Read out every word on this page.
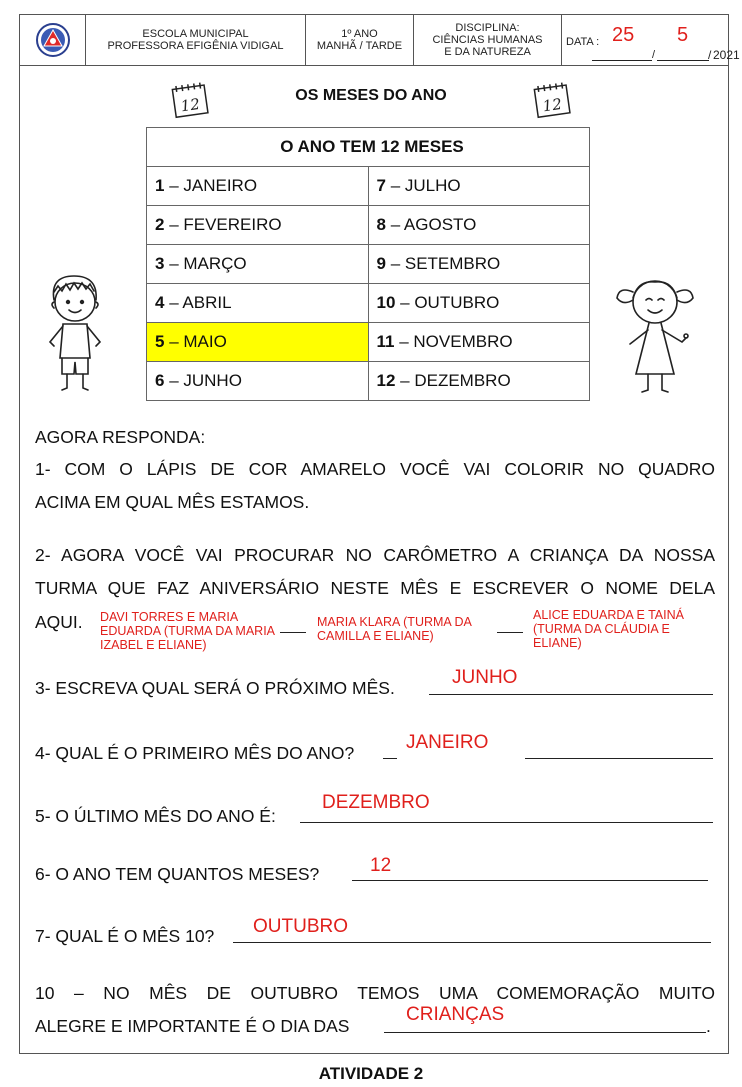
ESCOLA MUNICIPAL
PROFESSORA EFIGÊNIA VIDIGAL
1º ANO
MANHÃ / TARDE
DISCIPLINA:
CIÊNCIAS HUMANAS
E DA NATUREZA
DATA : 25 5
/	/ 2021
12	12
OS MESES DO ANO
O ANO TEM 12 MESES	
1 – JANEIRO	7 – JULHO
2 – FEVEREIRO	8 – AGOSTO
3 – MARÇO	9 – SETEMBRO
4 – ABRIL	10 – OUTUBRO
5 – MAIO	11 – NOVEMBRO
6 – JUNHO	12 – DEZEMBRO
AGORA RESPONDA:
1- COM O LÁPIS DE COR AMARELO VOCÊ VAI COLORIR NO QUADRO
ACIMA EM QUAL MÊS ESTAMOS.
2- AGORA VOCÊ VAI PROCURAR NO CARÔMETRO A CRIANÇA DA NOSSA
TURMA QUE FAZ ANIVERSÁRIO NESTE MÊS E ESCREVER O NOME DELA
AQUI.	DAVI TORRES E MARIA EDUARDA (TURMA DA MARIA IZABEL E ELIANE)
MARIA KLARA (TURMA DA CAMILLA E ELIANE)
ALICE EDUARDA E TAINÁ (TURMA DA CLÁUDIA E ELIANE)
3- ESCREVA QUAL SERÁ O PRÓXIMO MÊS.	JUNHO
4- QUAL É O PRIMEIRO MÊS DO ANO?	JANEIRO
5- O ÚLTIMO MÊS DO ANO É:
DEZEMBRO
6- O ANO TEM QUANTOS MESES?	12
7- QUAL É O MÊS 10?	OUTUBRO
10 – NO MÊS DE OUTUBRO TEMOS UMA COMEMORAÇÃO MUITO
ALEGRE E IMPORTANTE É O DIA DAS
CRIANÇAS
.
ATIVIDADE 2
